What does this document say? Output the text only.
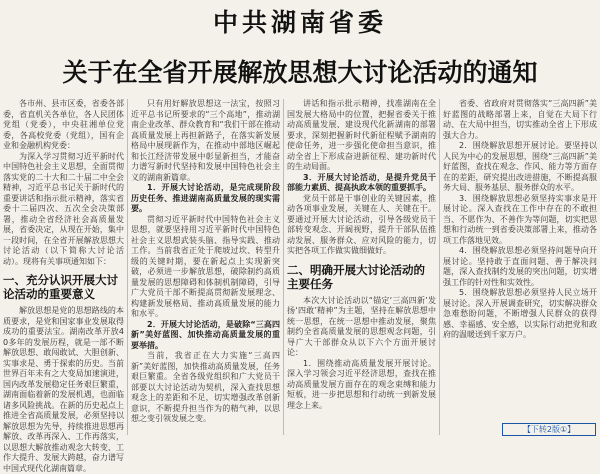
中共湖南省委
关于在全省开展解放思想大讨论活动的通知

各市州、县市区委，省委各部委，省直机关各单位，各人民团体党组（党委），中央驻湘单位党委，各高校党委（党组），国有企业和金融机构党委：

为深入学习贯彻习近平新时代中国特色社会主义思想，全面贯彻落实党的二十大和二十届二中全会精神，习近平总书记关于新时代的重要讲话和指示批示精神，落实省委十二届四次、五次全会决策部署，推动全省经济社会高质量发展，省委决定，从现在开始，集中一段时间，在全省开展解放思想大讨论活动（以下简称大讨论活动）。现将有关事项通知如下：

一、充分认识开展大讨论活动的重要意义

解放思想是党的思想路线的本质要求，是党和国家事业发展取得成功的重要法宝。湖南改革开放40多年的发展历程，就是一部不断解放思想、敢闯敢试、大胆创新、实事求是、勇于探索的历史。当前世界百年未有之大变局加速演进，国内改革发展稳定任务艰巨繁重，湖南面临着新的发展机遇，也面临诸多风险挑战。在新的历史起点上推进全省高质量发展，必须坚持以解放思想为先导，持续推进思想再解放、改革再深入、工作再落实，以思想大解放推动观念大转变、工作大提升、发展大跨越，奋力谱写中国式现代化湖南篇章。

只有用好解放思想这一法宝，按照习近平总书记所要求的“三个高地”，推动湖南企业改革、群众教育和“我们干部在推动高质量发展上再担新路子，在落实新发展格局中展现新作为，在推动中部地区崛起和长江经济带发展中彰显新担当，才能奋力谱写新时代坚持和发展中国特色社会主义的湖南新篇章。

1．开展大讨论活动，是完成现阶段历史任务、推进湖南高质量发展的现实需要。

贯彻习近平新时代中国特色社会主义思想，就要坚持用习近平新时代中国特色社会主义思想武装头脑、指导实践、推动工作。当前我省正处于爬坡过坎、转型升级的关键时期，要在新起点上实现新突破，必须进一步解放思想，破除制约高质量发展的思想障碍和体制机制障碍，引导广大党员干部不断提高贯彻新发展理念、构建新发展格局、推动高质量发展的能力和水平。

2．开展大讨论活动，是破除“三高四新”美好蓝图、加快推动高质量发展的重要举措。

当前，我省正在大力实施“三高四新”美好蓝图，加快推动高质量发展，任务艰巨繁重。全省各级党组织和广大党员干部要以大讨论活动为契机，深入查找思想观念上的差距和不足，切实增强改革创新意识，不断提升担当作为的精气神，以思想之变引领发展之变。

讲话和指示批示精神，找准湖南在全国发展大格局中的位置，把握省委关于推动高质量发展、建设现代化新湖南的部署要求，深刻把握新时代新征程赋予湖南的使命任务，进一步强化使命担当意识，推动全省上下形成奋进新征程、建功新时代的生动局面。

3．开展大讨论活动，是提升党员干部能力素质、提高执政本领的重要抓手。

党员干部是干事创业的关键因素，推动各项事业发展，关键在人、关键在干。要通过开展大讨论活动，引导各级党员干部转变观念、开阔视野，提升干部队伍推动发展、服务群众、应对风险的能力，切实把各项工作做实做细做好。

二、明确开展大讨论活动的主要任务

本次大讨论活动以“锚定‘三高四新’发扬‘四敢’精神”为主题，坚持在解放思想中统一思想，在统一思想中推动发展，聚焦制约全省高质量发展的思想观念问题，引导广大干部群众从以下六个方面开展讨论：

1．围绕推动高质量发展开展讨论。深入学习领会习近平经济思想，查找在推动高质量发展方面存在的观念束缚和能力短板，进一步把思想和行动统一到新发展理念上来。

省委、省政府对贯彻落实“三高四新”美好蓝图的战略部署上来，自觉在大局下行动、在大局中担当，切实推动全省上下形成强大合力。

2．围绕解放思想开展讨论。要坚持以人民为中心的发展思想，围绕“三高四新”美好蓝图，查找在观念、作风、能力等方面存在的差距，研究提出改进措施，不断提高服务大局、服务基层、服务群众的水平。

3．围绕解放思想必须坚持实事求是开展讨论。深入查找在工作中存在的不敢担当、不愿作为、不善作为等问题，切实把思想和行动统一到省委决策部署上来，推动各项工作落地见效。

4．围绕解放思想必须坚持问题导向开展讨论。坚持敢于直面问题、善于解决问题，深入查找制约发展的突出问题，切实增强工作的针对性和实效性。

5．围绕解放思想必须坚持人民立场开展讨论。深入开展调查研究，切实解决群众急难愁盼问题，不断增强人民群众的获得感、幸福感、安全感，以实际行动把党和政府的温暖送到千家万户。

【下转2版①】
